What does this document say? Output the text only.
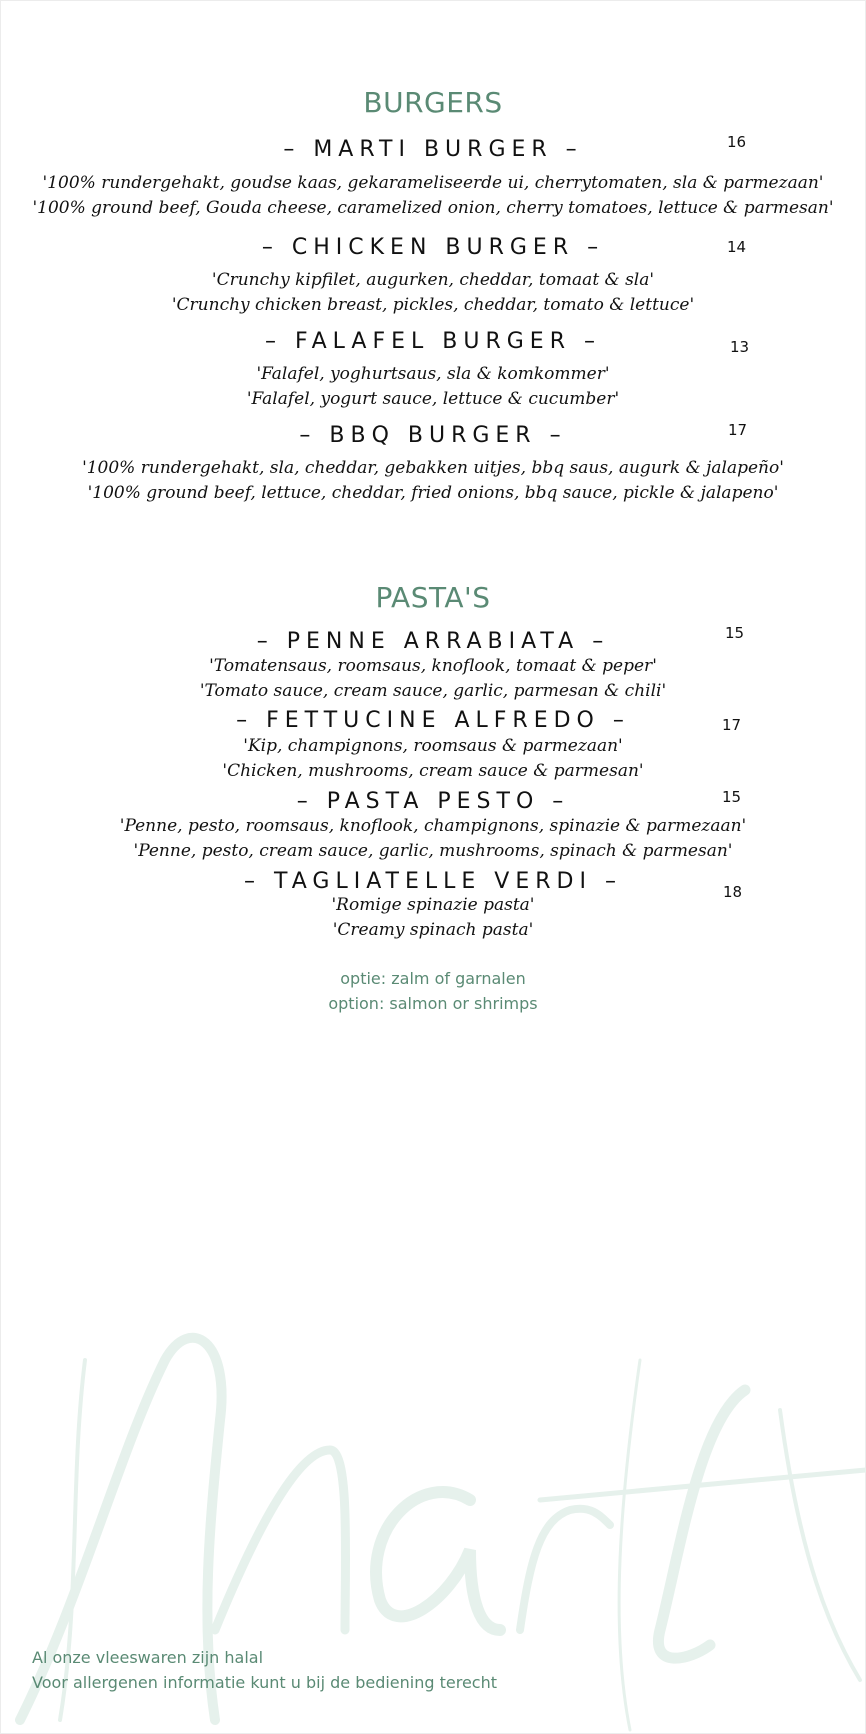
BURGERS
– MARTI BURGER –	16
'100% rundergehakt, goudse kaas, gekarameliseerde ui, cherrytomaten, sla & parmezaan'
'100% ground beef, Gouda cheese, caramelized onion, cherry tomatoes, lettuce & parmesan'
– CHICKEN BURGER –	14
'Crunchy kipfilet, augurken, cheddar, tomaat & sla'
'Crunchy chicken breast, pickles, cheddar, tomato & lettuce'
– FALAFEL BURGER –	13
'Falafel, yoghurtsaus, sla & komkommer'
'Falafel, yogurt sauce, lettuce & cucumber'
– BBQ BURGER –	17
'100% rundergehakt, sla, cheddar, gebakken uitjes, bbq saus, augurk & jalapeño'
'100% ground beef, lettuce, cheddar, fried onions, bbq sauce, pickle & jalapeno'
PASTA'S
– PENNE ARRABIATA –	15
'Tomatensaus, roomsaus, knoflook, tomaat & peper'
'Tomato sauce, cream sauce, garlic, parmesan & chili'
– FETTUCINE ALFREDO –	17
'Kip, champignons, roomsaus & parmezaan'
'Chicken, mushrooms, cream sauce & parmesan'
– PASTA PESTO –	15
'Penne, pesto, roomsaus, knoflook, champignons, spinazie & parmezaan'
'Penne, pesto, cream sauce, garlic, mushrooms, spinach & parmesan'
– TAGLIATELLE VERDI –	18
'Romige spinazie pasta'
'Creamy spinach pasta'
optie: zalm of garnalen
option: salmon or shrimps
Al onze vleeswaren zijn halal
Voor allergenen informatie kunt u bij de bediening terecht
